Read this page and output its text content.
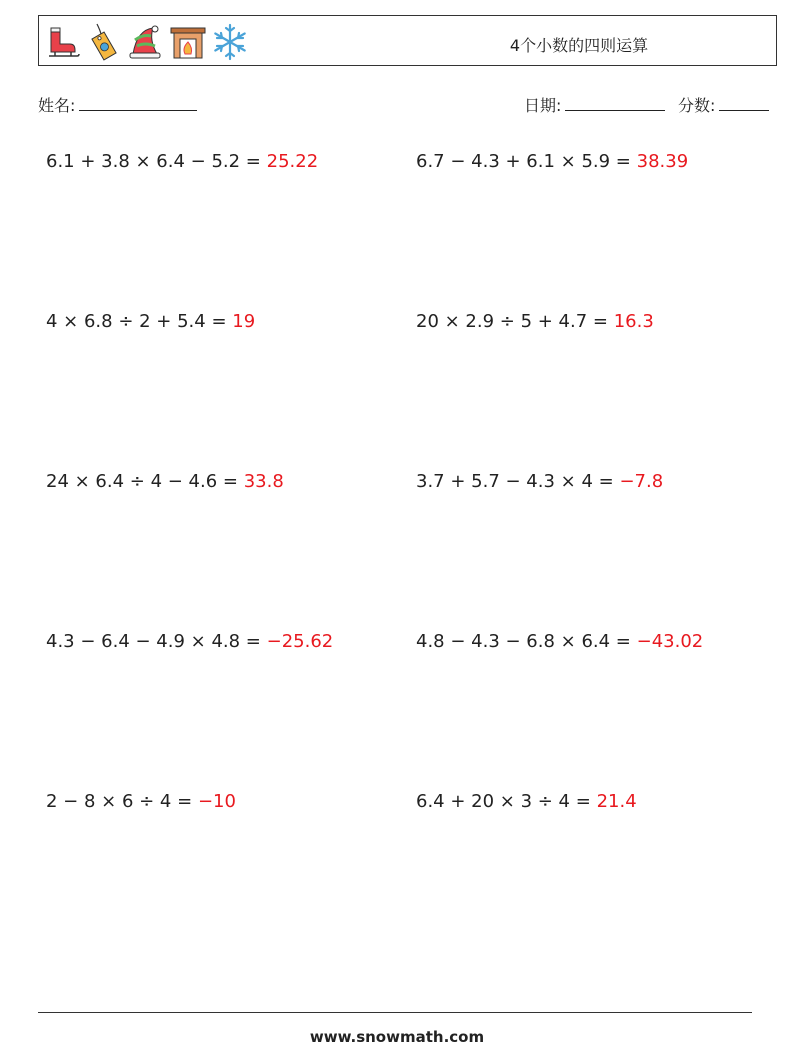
4个小数的四则运算
姓名:	日期:	分数:
6.1 + 3.8 × 6.4 − 5.2 = 25.22	6.7 − 4.3 + 6.1 × 5.9 = 38.39
4 × 6.8 ÷ 2 + 5.4 = 19	20 × 2.9 ÷ 5 + 4.7 = 16.3
24 × 6.4 ÷ 4 − 4.6 = 33.8	3.7 + 5.7 − 4.3 × 4 = −7.8
4.3 − 6.4 − 4.9 × 4.8 = −25.62	4.8 − 4.3 − 6.8 × 6.4 = −43.02
2 − 8 × 6 ÷ 4 = −10	6.4 + 20 × 3 ÷ 4 = 21.4
www.snowmath.com
